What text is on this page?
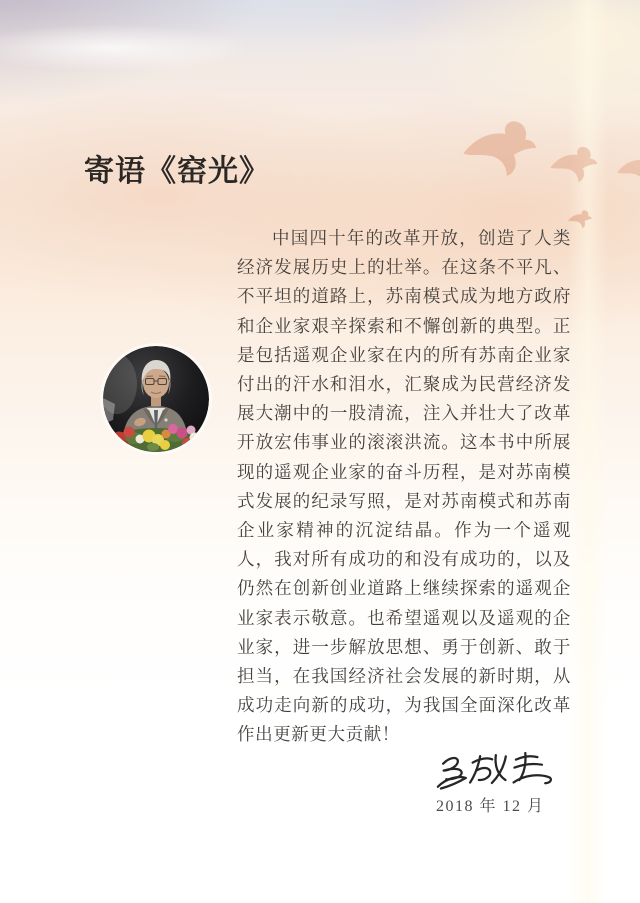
寄语《窑光》
中国四十年的改革开放，创造了人类经济发展历史上的壮举。在这条不平凡、不平坦的道路上，苏南模式成为地方政府和企业家艰辛探索和不懈创新的典型。正是包括遥观企业家在内的所有苏南企业家付出的汗水和泪水，汇聚成为民营经济发展大潮中的一股清流，注入并壮大了改革开放宏伟事业的滚滚洪流。这本书中所展现的遥观企业家的奋斗历程，是对苏南模式发展的纪录写照，是对苏南模式和苏南企业家精神的沉淀结晶。作为一个遥观人，我对所有成功的和没有成功的，以及仍然在创新创业道路上继续探索的遥观企业家表示敬意。也希望遥观以及遥观的企业家，进一步解放思想、勇于创新、敢于担当，在我国经济社会发展的新时期，从成功走向新的成功，为我国全面深化改革作出更新更大贡献！
2018 年 12 月
